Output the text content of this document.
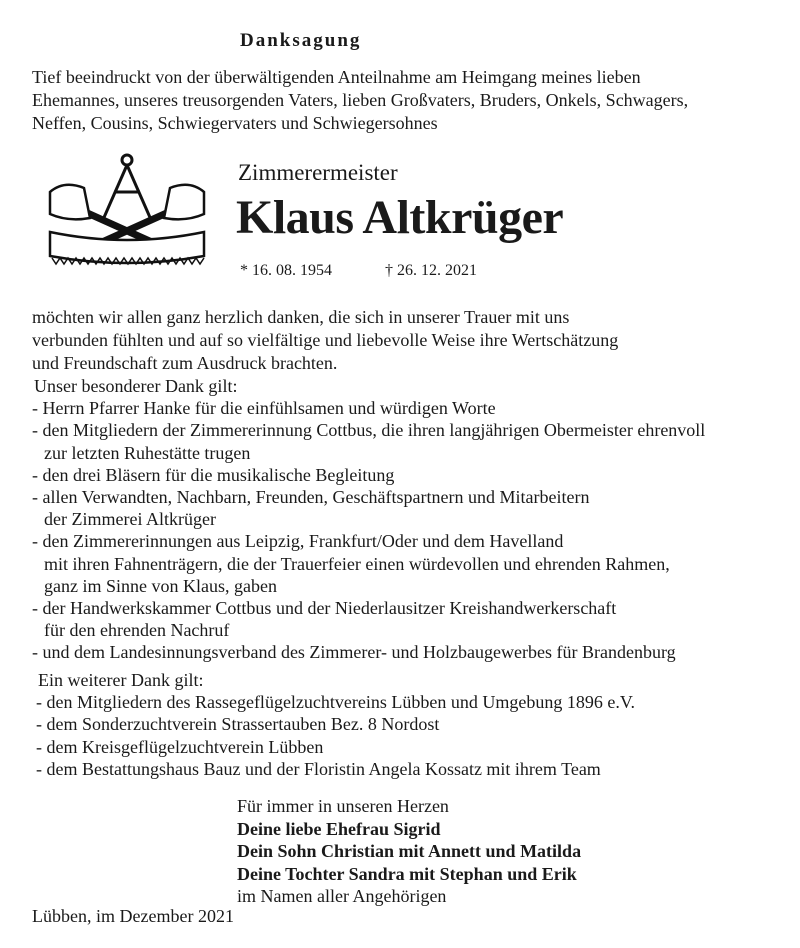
Danksagung
Tief beeindruckt von der überwältigenden Anteilnahme am Heimgang meines lieben
Ehemannes, unseres treusorgenden Vaters, lieben Großvaters, Bruders, Onkels, Schwagers,
Neffen, Cousins, Schwiegervaters und Schwiegersohnes
Zimmerermeister
Klaus Altkrüger
* 16. 08. 1954	† 26. 12. 2021
möchten wir allen ganz herzlich danken, die sich in unserer Trauer mit uns
verbunden fühlten und auf so vielfältige und liebevolle Weise ihre Wertschätzung
und Freundschaft zum Ausdruck brachten.
Unser besonderer Dank gilt:
- Herrn Pfarrer Hanke für die einfühlsamen und würdigen Worte
- den Mitgliedern der Zimmererinnung Cottbus, die ihren langjährigen Obermeister ehrenvoll
zur letzten Ruhestätte trugen
- den drei Bläsern für die musikalische Begleitung
- allen Verwandten, Nachbarn, Freunden, Geschäftspartnern und Mitarbeitern
der Zimmerei Altkrüger
- den Zimmererinnungen aus Leipzig, Frankfurt/Oder und dem Havelland
mit ihren Fahnenträgern, die der Trauerfeier einen würdevollen und ehrenden Rahmen,
ganz im Sinne von Klaus, gaben
- der Handwerkskammer Cottbus und der Niederlausitzer Kreishandwerkerschaft
für den ehrenden Nachruf
- und dem Landesinnungsverband des Zimmerer- und Holzbaugewerbes für Brandenburg
Ein weiterer Dank gilt:
- den Mitgliedern des Rassegeflügelzuchtvereins Lübben und Umgebung 1896 e.V.
- dem Sonderzuchtverein Strassertauben Bez. 8 Nordost
- dem Kreisgeflügelzuchtverein Lübben
- dem Bestattungshaus Bauz und der Floristin Angela Kossatz mit ihrem Team
Für immer in unseren Herzen
Deine liebe Ehefrau Sigrid
Dein Sohn Christian mit Annett und Matilda
Deine Tochter Sandra mit Stephan und Erik
im Namen aller Angehörigen
Lübben, im Dezember 2021
